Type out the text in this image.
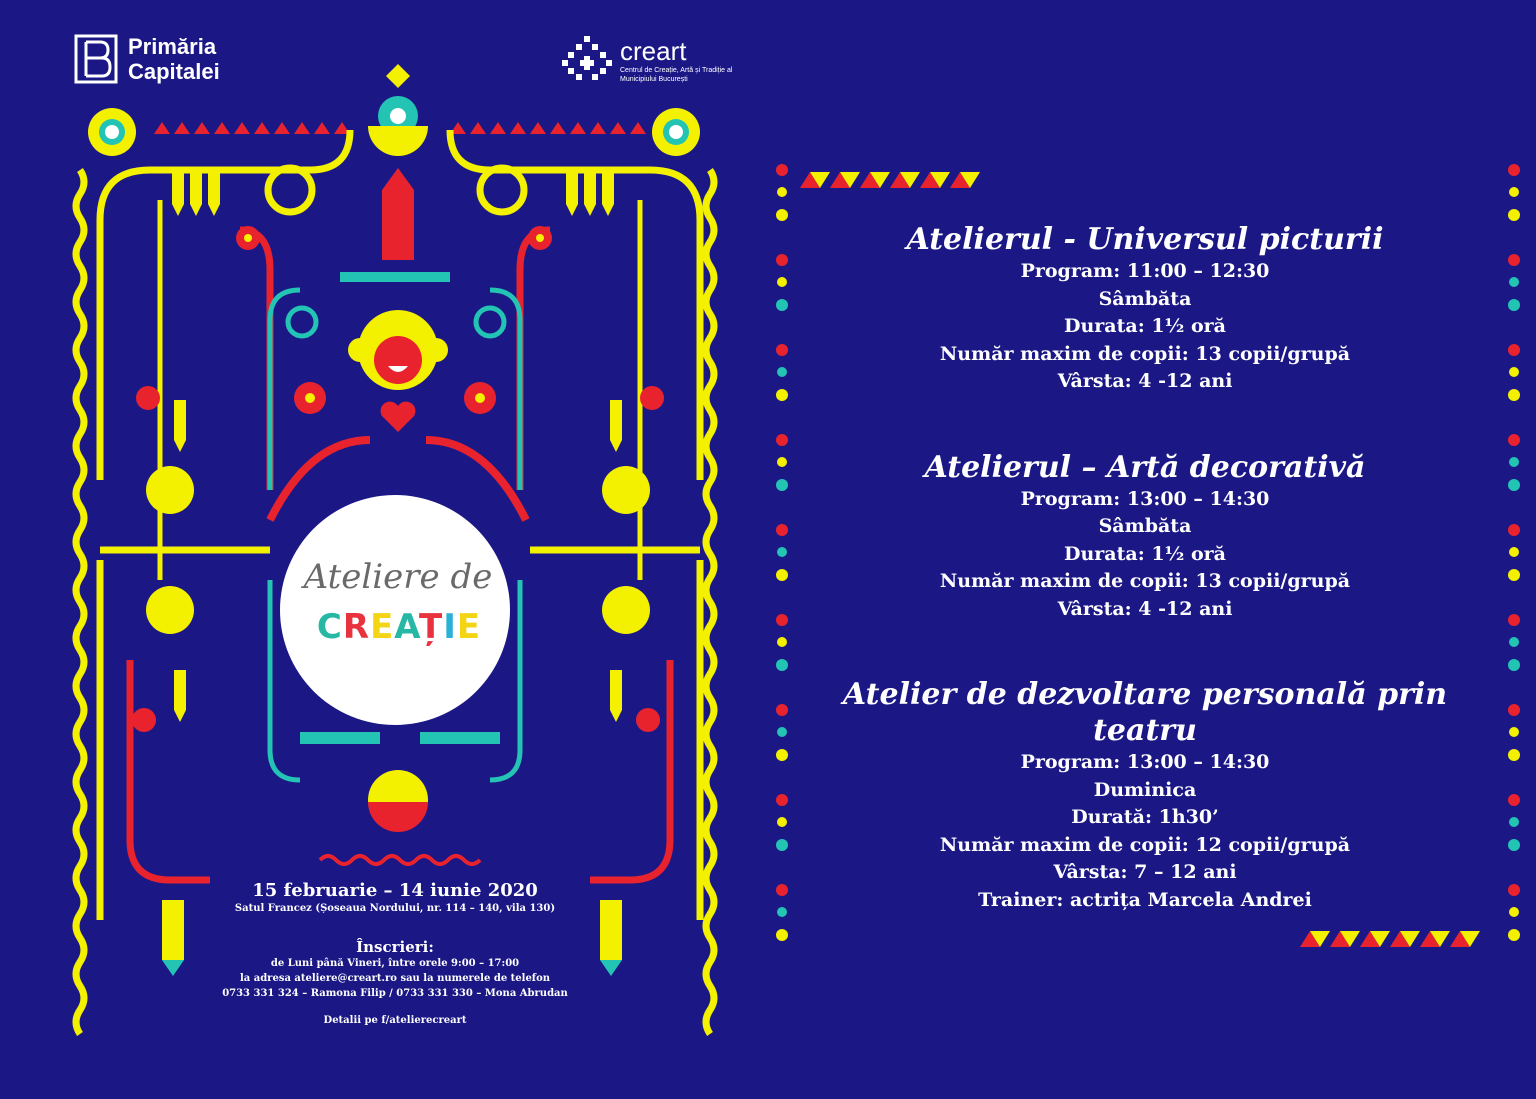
Primăria
Capitalei
creart
Centrul de Creație, Artă și Tradiție al Municipiului București
Ateliere de
CREAȚIE
15 februarie – 14 iunie 2020
Satul Francez (Șoseaua Nordului, nr. 114 – 140, vila 130)
Înscrieri:
de Luni până Vineri, între orele 9:00 – 17:00
la adresa ateliere@creart.ro sau la numerele de telefon
0733 331 324 – Ramona Filip / 0733 331 330 – Mona Abrudan
Detalii pe f/atelierecreart
Atelierul - Universul picturii
Program: 11:00 – 12:30
Sâmbăta
Durata: 1½ oră
Număr maxim de copii: 13 copii/grupă
Vârsta: 4 -12 ani
Atelierul – Artă decorativă
Program: 13:00 – 14:30
Sâmbăta
Durata: 1½ oră
Număr maxim de copii: 13 copii/grupă
Vârsta: 4 -12 ani
Atelier de dezvoltare personală prin teatru
Program: 13:00 – 14:30
Duminica
Durată: 1h30’
Număr maxim de copii: 12 copii/grupă
Vârsta: 7 – 12 ani
Trainer: actrița Marcela Andrei
